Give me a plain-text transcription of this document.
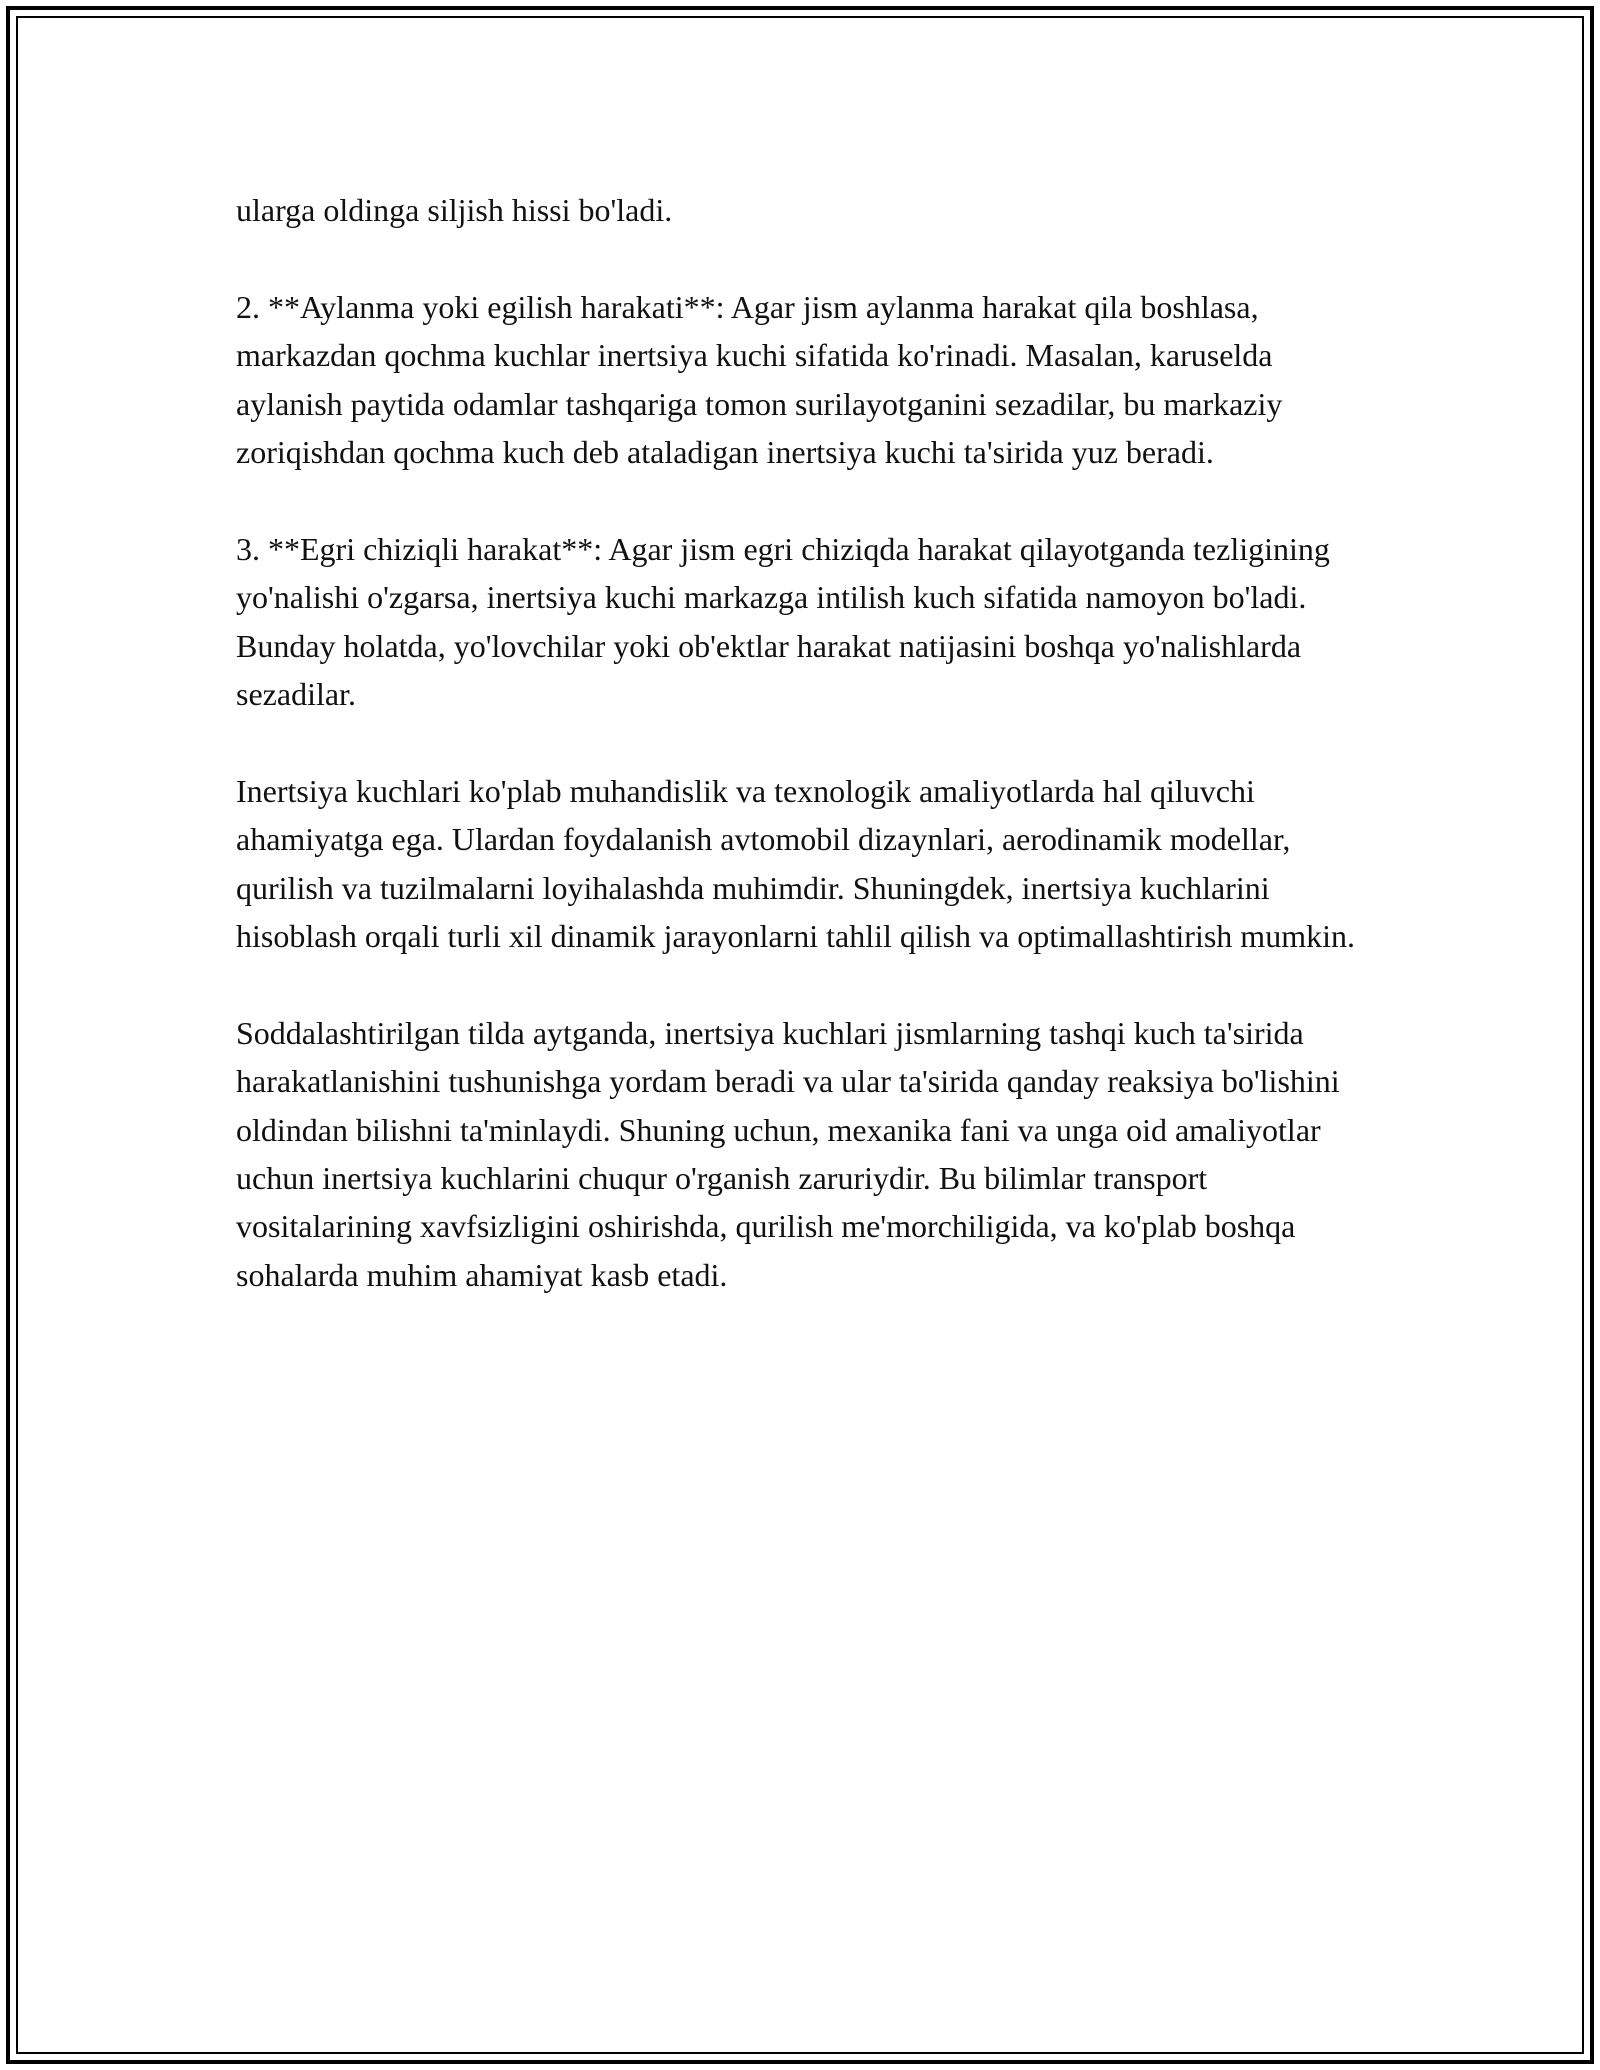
ularga oldinga siljish hissi bo'ladi.

2. **Aylanma yoki egilish harakati**: Agar jism aylanma harakat qila boshlasa, markazdan qochma kuchlar inertsiya kuchi sifatida ko'rinadi. Masalan, karuselda aylanish paytida odamlar tashqariga tomon surilayotganini sezadilar, bu markaziy zoriqishdan qochma kuch deb ataladigan inertsiya kuchi ta'sirida yuz beradi.

3. **Egri chiziqli harakat**: Agar jism egri chiziqda harakat qilayotganda tezligining yo'nalishi o'zgarsa, inertsiya kuchi markazga intilish kuch sifatida namoyon bo'ladi. Bunday holatda, yo'lovchilar yoki ob'ektlar harakat natijasini boshqa yo'nalishlarda sezadilar.

Inertsiya kuchlari ko'plab muhandislik va texnologik amaliyotlarda hal qiluvchi ahamiyatga ega. Ulardan foydalanish avtomobil dizaynlari, aerodinamik modellar, qurilish va tuzilmalarni loyihalashda muhimdir. Shuningdek, inertsiya kuchlarini hisoblash orqali turli xil dinamik jarayonlarni tahlil qilish va optimallashtirish mumkin.

Soddalashtirilgan tilda aytganda, inertsiya kuchlari jismlarning tashqi kuch ta'sirida harakatlanishini tushunishga yordam beradi va ular ta'sirida qanday reaksiya bo'lishini oldindan bilishni ta'minlaydi. Shuning uchun, mexanika fani va unga oid amaliyotlar uchun inertsiya kuchlarini chuqur o'rganish zaruriydir. Bu bilimlar transport vositalarining xavfsizligini oshirishda, qurilish me'morchiligida, va ko'plab boshqa sohalarda muhim ahamiyat kasb etadi.
